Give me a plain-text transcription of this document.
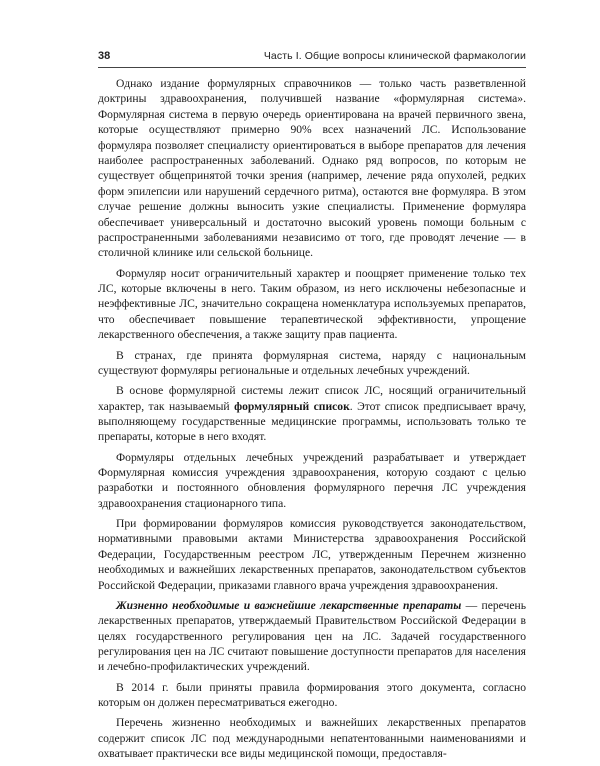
38	Часть I. Общие вопросы клинической фармакологии

Однако издание формулярных справочников — только часть разветвленной доктрины здравоохранения, получившей название «формулярная система». Формулярная система в первую очередь ориентирована на врачей первичного звена, которые осуществляют примерно 90% всех назначений ЛС. Использование формуляра позволяет специалисту ориентироваться в выборе препаратов для лечения наиболее распространенных заболеваний. Однако ряд вопросов, по которым не существует общепринятой точки зрения (например, лечение ряда опухолей, редких форм эпилепсии или нарушений сердечного ритма), остаются вне формуляра. В этом случае решение должны выносить узкие специалисты. Применение формуляра обеспечивает универсальный и достаточно высокий уровень помощи больным с распространенными заболеваниями независимо от того, где проводят лечение — в столичной клинике или сельской больнице.

Формуляр носит ограничительный характер и поощряет применение только тех ЛС, которые включены в него. Таким образом, из него исключены небезопасные и неэффективные ЛС, значительно сокращена номенклатура используемых препаратов, что обеспечивает повышение терапевтической эффективности, упрощение лекарственного обеспечения, а также защиту прав пациента.

В странах, где принята формулярная система, наряду с национальным существуют формуляры региональные и отдельных лечебных учреждений.

В основе формулярной системы лежит список ЛС, носящий ограничительный характер, так называемый формулярный список. Этот список предписывает врачу, выполняющему государственные медицинские программы, использовать только те препараты, которые в него входят.

Формуляры отдельных лечебных учреждений разрабатывает и утверждает Формулярная комиссия учреждения здравоохранения, которую создают с целью разработки и постоянного обновления формулярного перечня ЛС учреждения здравоохранения стационарного типа.

При формировании формуляров комиссия руководствуется законодательством, нормативными правовыми актами Министерства здравоохранения Российской Федерации, Государственным реестром ЛС, утвержденным Перечнем жизненно необходимых и важнейших лекарственных препаратов, законодательством субъектов Российской Федерации, приказами главного врача учреждения здравоохранения.

Жизненно необходимые и важнейшие лекарственные препараты — перечень лекарственных препаратов, утверждаемый Правительством Российской Федерации в целях государственного регулирования цен на ЛС. Задачей государственного регулирования цен на ЛС считают повышение доступности препаратов для населения и лечебно-профилактических учреждений.

В 2014 г. были приняты правила формирования этого документа, согласно которым он должен пересматриваться ежегодно.

Перечень жизненно необходимых и важнейших лекарственных препаратов содержит список ЛС под международными непатентованными наименованиями и охватывает практически все виды медицинской помощи, предоставля-
